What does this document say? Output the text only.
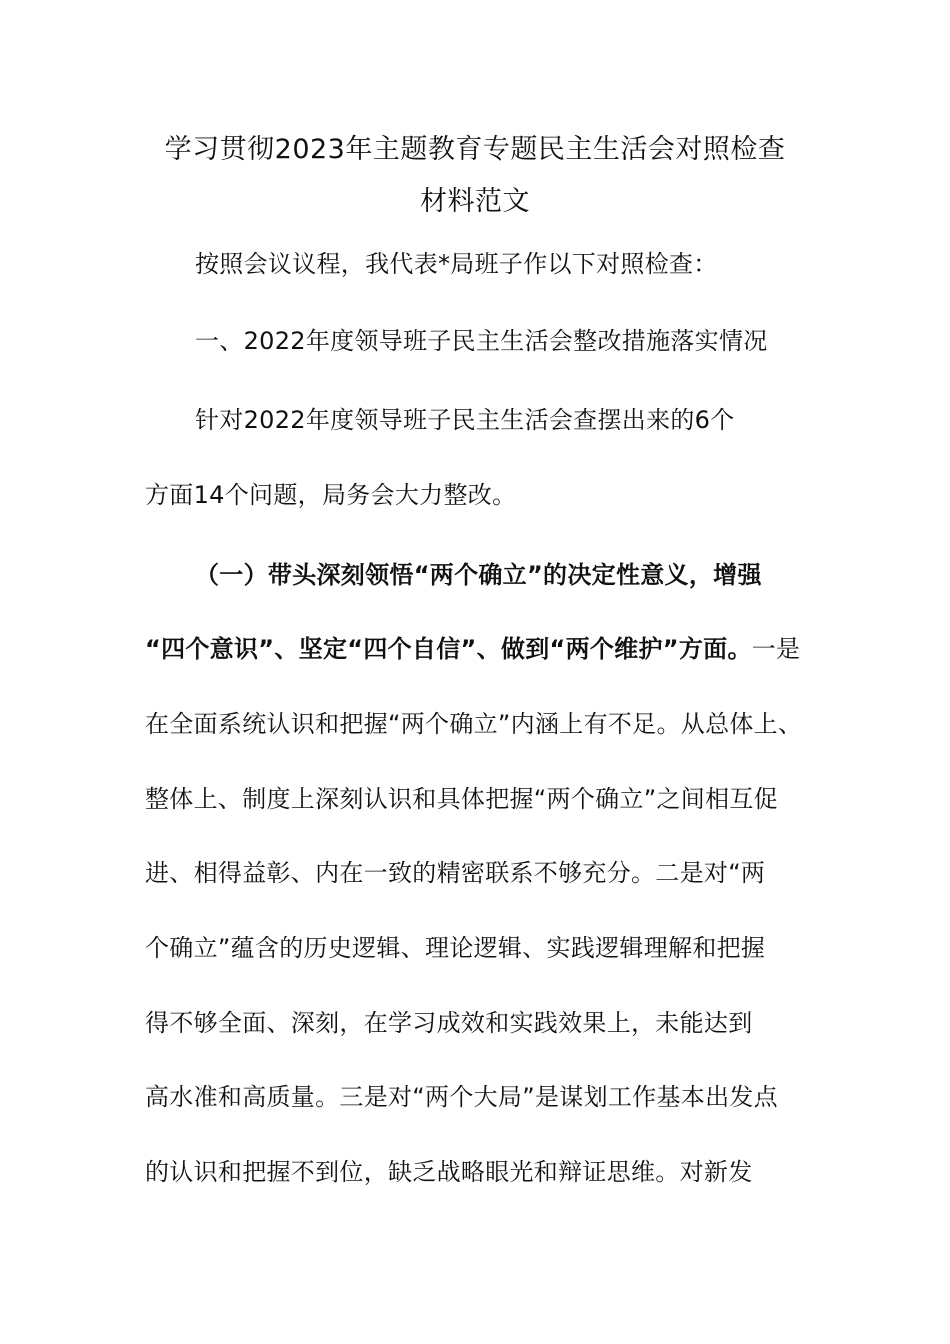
学习贯彻2023年主题教育专题民主生活会对照检查
材料范文
按照会议议程，我代表*局班子作以下对照检查：
一、2022年度领导班子民主生活会整改措施落实情况
针对2022年度领导班子民主生活会查摆出来的6个
方面14个问题，局务会大力整改。
（一）带头深刻领悟“两个确立”的决定性意义，增强
“四个意识”、坚定“四个自信”、做到“两个维护”方面。一是
在全面系统认识和把握“两个确立”内涵上有不足。从总体上、
整体上、制度上深刻认识和具体把握“两个确立”之间相互促
进、相得益彰、内在一致的精密联系不够充分。二是对“两
个确立”蕴含的历史逻辑、理论逻辑、实践逻辑理解和把握
得不够全面、深刻，在学习成效和实践效果上，未能达到
高水准和高质量。三是对“两个大局”是谋划工作基本出发点
的认识和把握不到位，缺乏战略眼光和辩证思维。对新发
